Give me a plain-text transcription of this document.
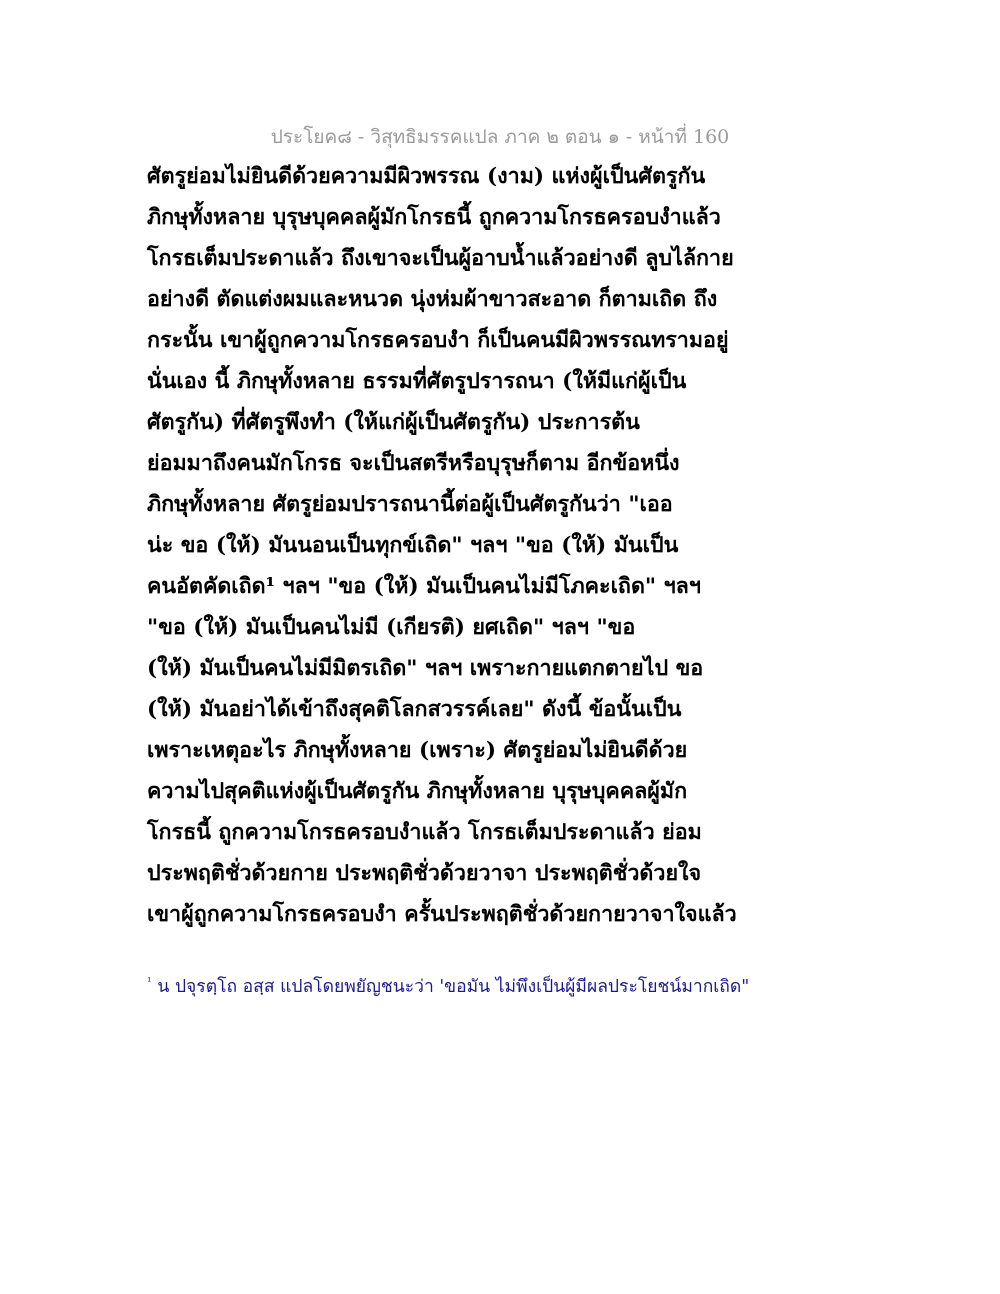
ประโยค๘ - วิสุทธิมรรคแปล ภาค ๒ ตอน ๑ - หน้าที่ 160
ศัตรูย่อมไม่ยินดีด้วยความมีผิวพรรณ (งาม) แห่งผู้เป็นศัตรูกัน
ภิกษุทั้งหลาย บุรุษบุคคลผู้มักโกรธนี้ ถูกความโกรธครอบงำแล้ว
โกรธเต็มประดาแล้ว ถึงเขาจะเป็นผู้อาบน้ำแล้วอย่างดี ลูบไล้กาย
อย่างดี ตัดแต่งผมและหนวด นุ่งห่มผ้าขาวสะอาด ก็ตามเถิด ถึง
กระนั้น เขาผู้ถูกความโกรธครอบงำ ก็เป็นคนมีผิวพรรณทรามอยู่
นั่นเอง นี้ ภิกษุทั้งหลาย ธรรมที่ศัตรูปรารถนา (ให้มีแก่ผู้เป็น
ศัตรูกัน) ที่ศัตรูพึงทำ (ให้แก่ผู้เป็นศัตรูกัน) ประการต้น
ย่อมมาถึงคนมักโกรธ จะเป็นสตรีหรือบุรุษก็ตาม อีกข้อหนึ่ง
ภิกษุทั้งหลาย ศัตรูย่อมปรารถนานี้ต่อผู้เป็นศัตรูกันว่า "เออ
น่ะ ขอ (ให้) มันนอนเป็นทุกข์เถิด" ฯลฯ "ขอ (ให้) มันเป็น
คนอัตคัดเถิด¹ ฯลฯ "ขอ (ให้) มันเป็นคนไม่มีโภคะเถิด" ฯลฯ
"ขอ (ให้) มันเป็นคนไม่มี (เกียรติ) ยศเถิด" ฯลฯ "ขอ
(ให้) มันเป็นคนไม่มีมิตรเถิด" ฯลฯ เพราะกายแตกตายไป ขอ
(ให้) มันอย่าได้เข้าถึงสุคติโลกสวรรค์เลย" ดังนี้ ข้อนั้นเป็น
เพราะเหตุอะไร ภิกษุทั้งหลาย (เพราะ) ศัตรูย่อมไม่ยินดีด้วย
ความไปสุคติแห่งผู้เป็นศัตรูกัน ภิกษุทั้งหลาย บุรุษบุคคลผู้มัก
โกรธนี้ ถูกความโกรธครอบงำแล้ว โกรธเต็มประดาแล้ว ย่อม
ประพฤติชั่วด้วยกาย ประพฤติชั่วด้วยวาจา ประพฤติชั่วด้วยใจ
เขาผู้ถูกความโกรธครอบงำ ครั้นประพฤติชั่วด้วยกายวาจาใจแล้ว
$^{^1}$ น ปจุรตฺโถ อสฺส แปลโดยพยัญชนะว่า 'ขอมัน ไม่พึงเป็นผู้มีผลประโยชน์มากเถิด"
